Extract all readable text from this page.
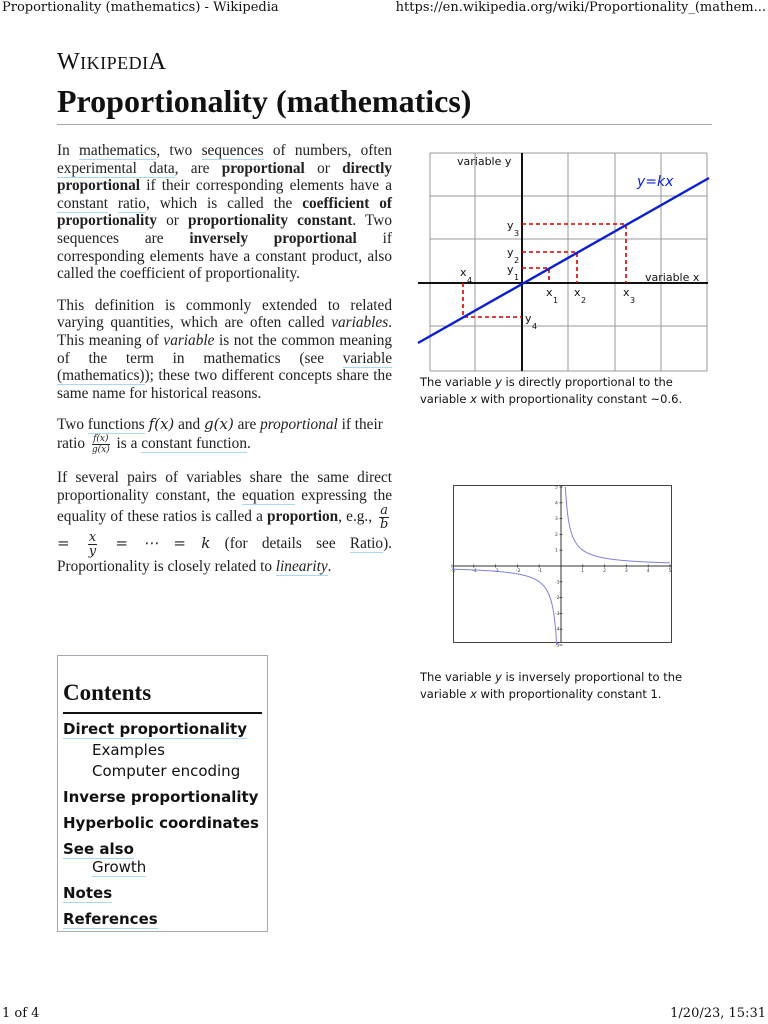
Proportionality (mathematics) - Wikipedia	https://en.wikipedia.org/wiki/Proportionality_(mathem...
WIKIPEDIA
Proportionality (mathematics)

In mathematics, two sequences of numbers, often experimental data, are proportional or directly proportional if their corresponding elements have a constant ratio, which is called the coefficient of proportionality or proportionality constant. Two sequences are inversely proportional if corresponding elements have a constant product, also called the coefficient of proportionality.

This definition is commonly extended to related varying quantities, which are often called variables. This meaning of variable is not the common meaning of the term in mathematics (see variable (mathematics)); these two different concepts share the same name for historical reasons.

Two functions f(x) and g(x) are proportional if their ratio $\frac{f(x)}{g(x)}$ is a constant function.

If several pairs of variables share the same direct proportionality constant, the equation expressing the equality of these ratios is called a proportion, e.g., $\frac{a}{b}$
= $\frac{x}{y}$ = ⋯ = k (for details see Ratio). Proportionality is closely related to linearity.

Contents
Direct proportionality
Examples
Computer encoding
Inverse proportionality
Hyperbolic coordinates
See also
Growth
Notes
References
variable y
variable x
y=kx
x
1
x
2
x
3
x
4
y
1
y
2
y
3
y
4
The variable y is directly proportional to the variable x with proportionality constant ~0.6.
-5	-4	-3	-2	-1	1	2	3	4	5
5
4
3
2
1
-1
-2
-3
-4
-5
The variable y is inversely proportional to the variable x with proportionality constant 1.
1 of 4	1/20/23, 15:31
